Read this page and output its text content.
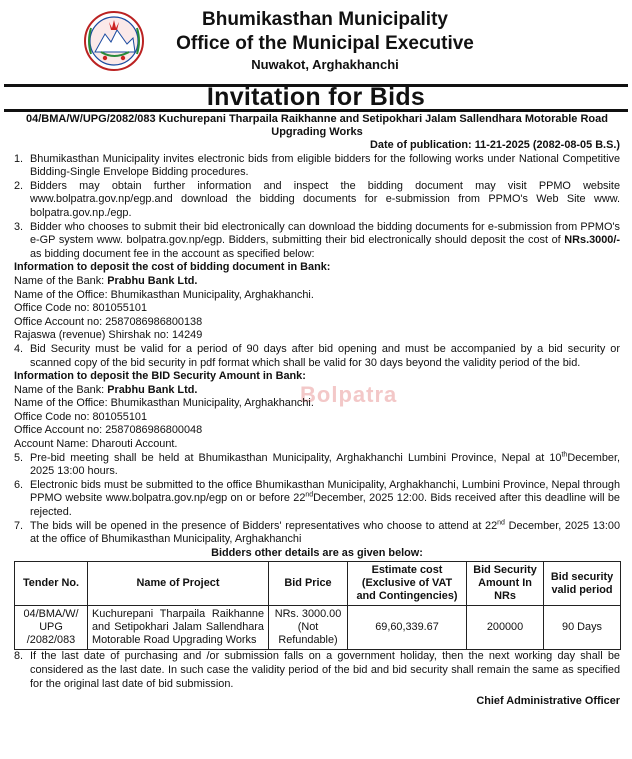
Bhumikasthan Municipality
Office of the Municipal Executive
Nuwakot, Arghakhanchi
Invitation for Bids
Bolpatra
04/BMA/W/UPG/2082/083 Kuchurepani Tharpaila Raikhanne and Setipokhari Jalam Sallendhara Motorable Road Upgrading Works
Date of publication: 11-21-2025 (2082-08-05 B.S.)
1. Bhumikasthan Municipality invites electronic bids from eligible bidders for the following works under National Competitive Bidding-Single Envelope Bidding procedures.
2. Bidders may obtain further information and inspect the bidding document may visit PPMO website www.bolpatra.gov.np/egp.and download the bidding documents for e-submission from PPMO's Web Site www. bolpatra.gov.np./egp.
3. Bidder who chooses to submit their bid electronically can download the bidding documents for e-submission from PPMO's e-GP system www. bolpatra.gov.np/egp. Bidders, submitting their bid electronically should deposit the cost of NRs.3000/- as bidding document fee in the account as specified below:
Information to deposit the cost of bidding document in Bank:
Name of the Bank: Prabhu Bank Ltd.
Name of the Office: Bhumikasthan Municipality, Arghakhanchi.
Office Code no: 801055101
Office Account no: 2587086986800138
Rajaswa (revenue) Shirshak no: 14249
4. Bid Security must be valid for a period of 90 days after bid opening and must be accompanied by a bid security or scanned copy of the bid security in pdf format which shall be valid for 30 days beyond the validity period of the bid.
Information to deposit the BID Security Amount in Bank:
Name of the Bank: Prabhu Bank Ltd.
Name of the Office: Bhumikasthan Municipality, Arghakhanchi.
Office Code no: 801055101
Office Account no: 2587086986800048
Account Name: Dharouti Account.
5. Pre-bid meeting shall be held at Bhumikasthan Municipality, Arghakhanchi Lumbini Province, Nepal at 10thDecember, 2025 13:00 hours.
6. Electronic bids must be submitted to the office Bhumikasthan Municipality, Arghakhanchi, Lumbini Province, Nepal through PPMO website www.bolpatra.gov.np/egp on or before 22ndDecember, 2025 12:00. Bids received after this deadline will be rejected.
7. The bids will be opened in the presence of Bidders' representatives who choose to attend at 22nd December, 2025 13:00 at the office of Bhumikasthan Municipality, Arghakhanchi
Bidders other details are as given below:
Tender No.	Name of Project	Bid Price	Estimate cost (Exclusive of VAT and Contingencies)	Bid Security Amount In NRs	Bid security valid period
04/BMA/W/ UPG /2082/083	Kuchurepani Tharpaila Raikhanne and Setipokhari Jalam Sallendhara Motorable Road Upgrading Works	NRs. 3000.00 (Not Refundable)	69,60,339.67	200000	90 Days
8. If the last date of purchasing and /or submission falls on a government holiday, then the next working day shall be considered as the last date. In such case the validity period of the bid and bid security shall remain the same as specified for the original last date of bid submission.
Chief Administrative Officer
